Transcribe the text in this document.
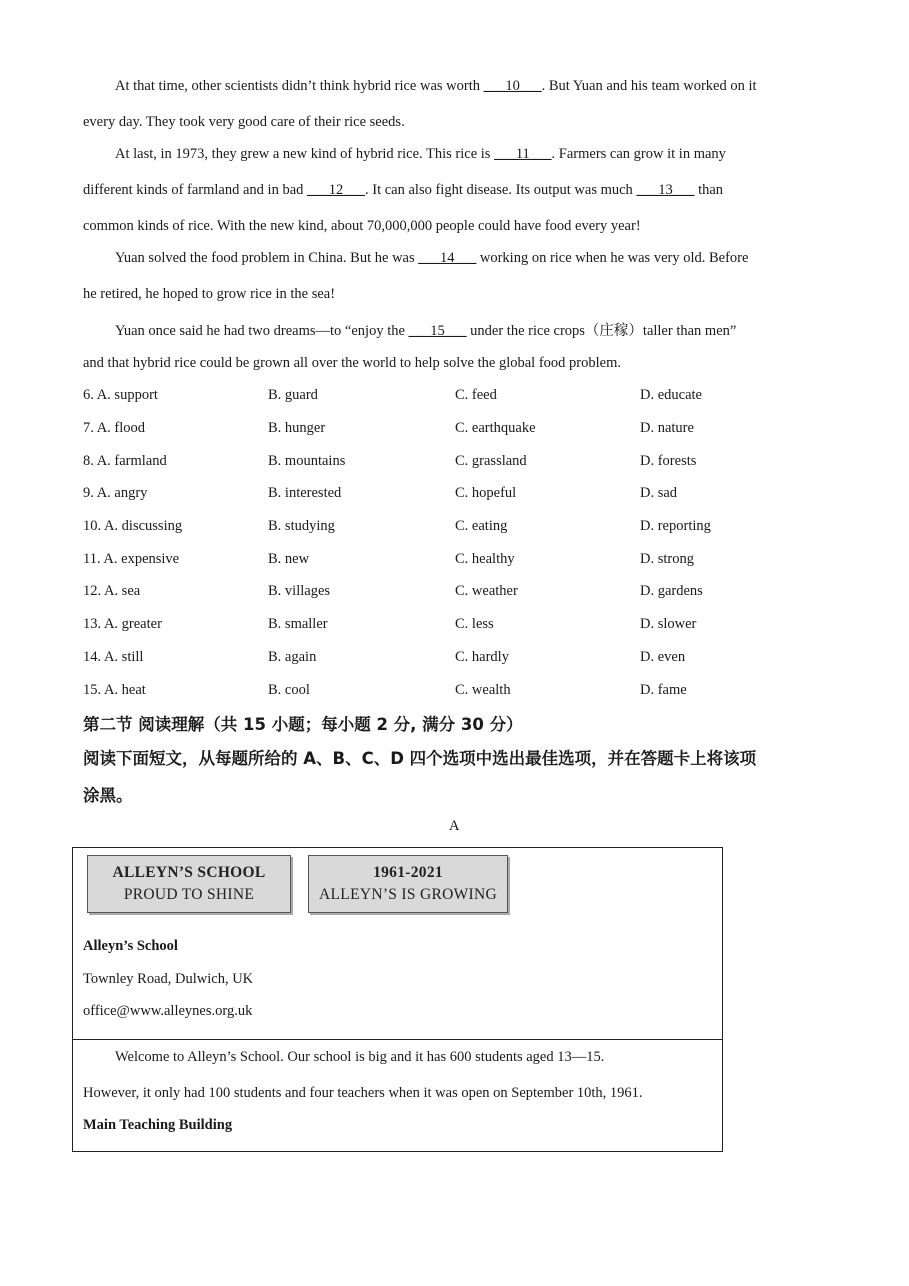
At that time, other scientists didn’t think hybrid rice was worth ___10___. But Yuan and his team worked on it
every day. They took very good care of their rice seeds.
At last, in 1973, they grew a new kind of hybrid rice. This rice is ___11___. Farmers can grow it in many
different kinds of farmland and in bad ___12___. It can also fight disease. Its output was much ___13___ than
common kinds of rice. With the new kind, about 70,000,000 people could have food every year!
Yuan solved the food problem in China. But he was ___14___ working on rice when he was very old. Before
he retired, he hoped to grow rice in the sea!
Yuan once said he had two dreams—to “enjoy the ___15___ under the rice crops（庄稼）taller than men”
and that hybrid rice could be grown all over the world to help solve the global food problem.
6. A. support	B. guard	C. feed	D. educate
7. A. flood	B. hunger	C. earthquake	D. nature
8. A. farmland	B. mountains	C. grassland	D. forests
9. A. angry	B. interested	C. hopeful	D. sad
10. A. discussing	B. studying	C. eating	D. reporting
11. A. expensive	B. new	C. healthy	D. strong
12. A. sea	B. villages	C. weather	D. gardens
13. A. greater	B. smaller	C. less	D. slower
14. A. still	B. again	C. hardly	D. even
15. A. heat	B. cool	C. wealth	D. fame
第二节 阅读理解（共 15 小题；每小题 2 分, 满分 30 分）
阅读下面短文，从每题所给的 A、B、C、D 四个选项中选出最佳选项，并在答题卡上将该项
涂黑。
A
ALLEYN’S SCHOOL
PROUD TO SHINE
1961-2021
ALLEYN’S IS GROWING
Alleyn’s School
Townley Road, Dulwich, UK
office@www.alleynes.org.uk
Welcome to Alleyn’s School. Our school is big and it has 600 students aged 13—15.
However, it only had 100 students and four teachers when it was open on September 10th, 1961.
Main Teaching Building
